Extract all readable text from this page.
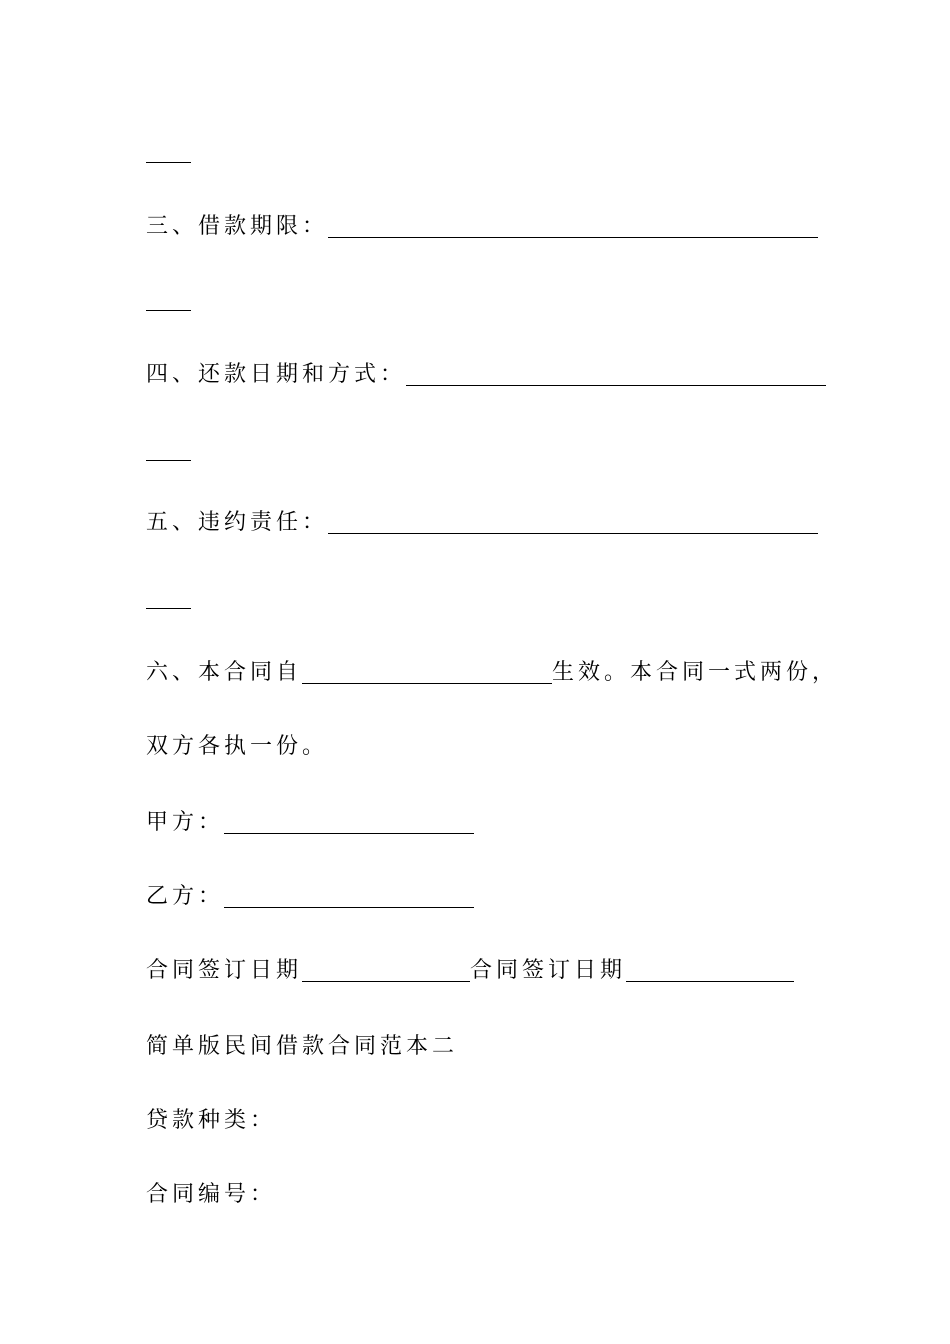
三、借款期限：
四、还款日期和方式：
五、违约责任：
六、本合同自	生效。本合同一式两份，
双方各执一份。
甲方：
乙方：
合同签订日期	合同签订日期
简单版民间借款合同范本二
贷款种类：
合同编号：
